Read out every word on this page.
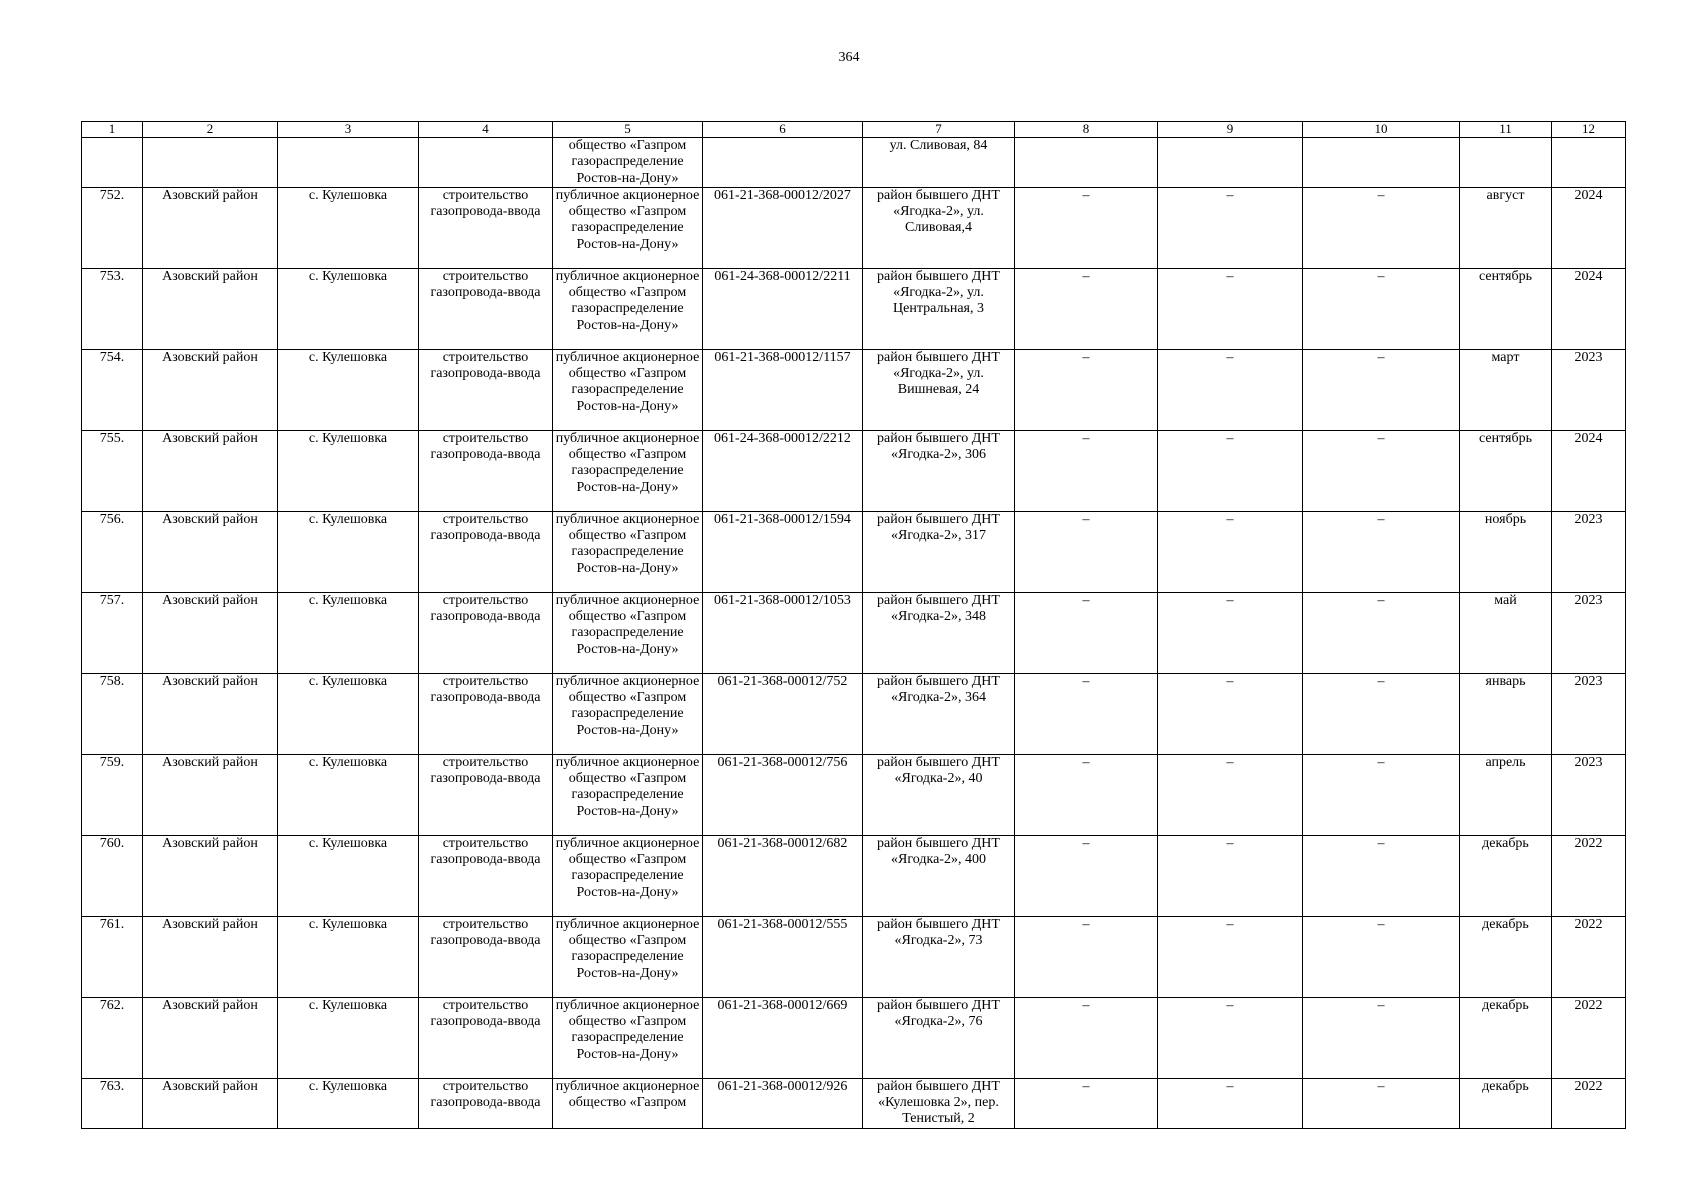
364
1	2	3	4	5	6	7	8	9	10	11	12
				общество «Газпром газораспределение Ростов-на-Дону»		ул. Сливовая, 84					
752.	Азовский район	с. Кулешовка	строительство газопровода-ввода	публичное акционерное общество «Газпром газораспределение Ростов-на-Дону»	061-21-368-00012/2027	район бывшего ДНТ «Ягодка-2», ул. Сливовая,4	–	–	–	август	2024
753.	Азовский район	с. Кулешовка	строительство газопровода-ввода	публичное акционерное общество «Газпром газораспределение Ростов-на-Дону»	061-24-368-00012/2211	район бывшего ДНТ «Ягодка-2», ул. Центральная, 3	–	–	–	сентябрь	2024
754.	Азовский район	с. Кулешовка	строительство газопровода-ввода	публичное акционерное общество «Газпром газораспределение Ростов-на-Дону»	061-21-368-00012/1157	район бывшего ДНТ «Ягодка-2», ул. Вишневая, 24	–	–	–	март	2023
755.	Азовский район	с. Кулешовка	строительство газопровода-ввода	публичное акционерное общество «Газпром газораспределение Ростов-на-Дону»	061-24-368-00012/2212	район бывшего ДНТ «Ягодка-2», 306	–	–	–	сентябрь	2024
756.	Азовский район	с. Кулешовка	строительство газопровода-ввода	публичное акционерное общество «Газпром газораспределение Ростов-на-Дону»	061-21-368-00012/1594	район бывшего ДНТ «Ягодка-2», 317	–	–	–	ноябрь	2023
757.	Азовский район	с. Кулешовка	строительство газопровода-ввода	публичное акционерное общество «Газпром газораспределение Ростов-на-Дону»	061-21-368-00012/1053	район бывшего ДНТ «Ягодка-2», 348	–	–	–	май	2023
758.	Азовский район	с. Кулешовка	строительство газопровода-ввода	публичное акционерное общество «Газпром газораспределение Ростов-на-Дону»	061-21-368-00012/752	район бывшего ДНТ «Ягодка-2», 364	–	–	–	январь	2023
759.	Азовский район	с. Кулешовка	строительство газопровода-ввода	публичное акционерное общество «Газпром газораспределение Ростов-на-Дону»	061-21-368-00012/756	район бывшего ДНТ «Ягодка-2», 40	–	–	–	апрель	2023
760.	Азовский район	с. Кулешовка	строительство газопровода-ввода	публичное акционерное общество «Газпром газораспределение Ростов-на-Дону»	061-21-368-00012/682	район бывшего ДНТ «Ягодка-2», 400	–	–	–	декабрь	2022
761.	Азовский район	с. Кулешовка	строительство газопровода-ввода	публичное акционерное общество «Газпром газораспределение Ростов-на-Дону»	061-21-368-00012/555	район бывшего ДНТ «Ягодка-2», 73	–	–	–	декабрь	2022
762.	Азовский район	с. Кулешовка	строительство газопровода-ввода	публичное акционерное общество «Газпром газораспределение Ростов-на-Дону»	061-21-368-00012/669	район бывшего ДНТ «Ягодка-2», 76	–	–	–	декабрь	2022
763.	Азовский район	с. Кулешовка	строительство газопровода-ввода	публичное акционерное общество «Газпром	061-21-368-00012/926	район бывшего ДНТ «Кулешовка 2», пер. Тенистый, 2	–	–	–	декабрь	2022
